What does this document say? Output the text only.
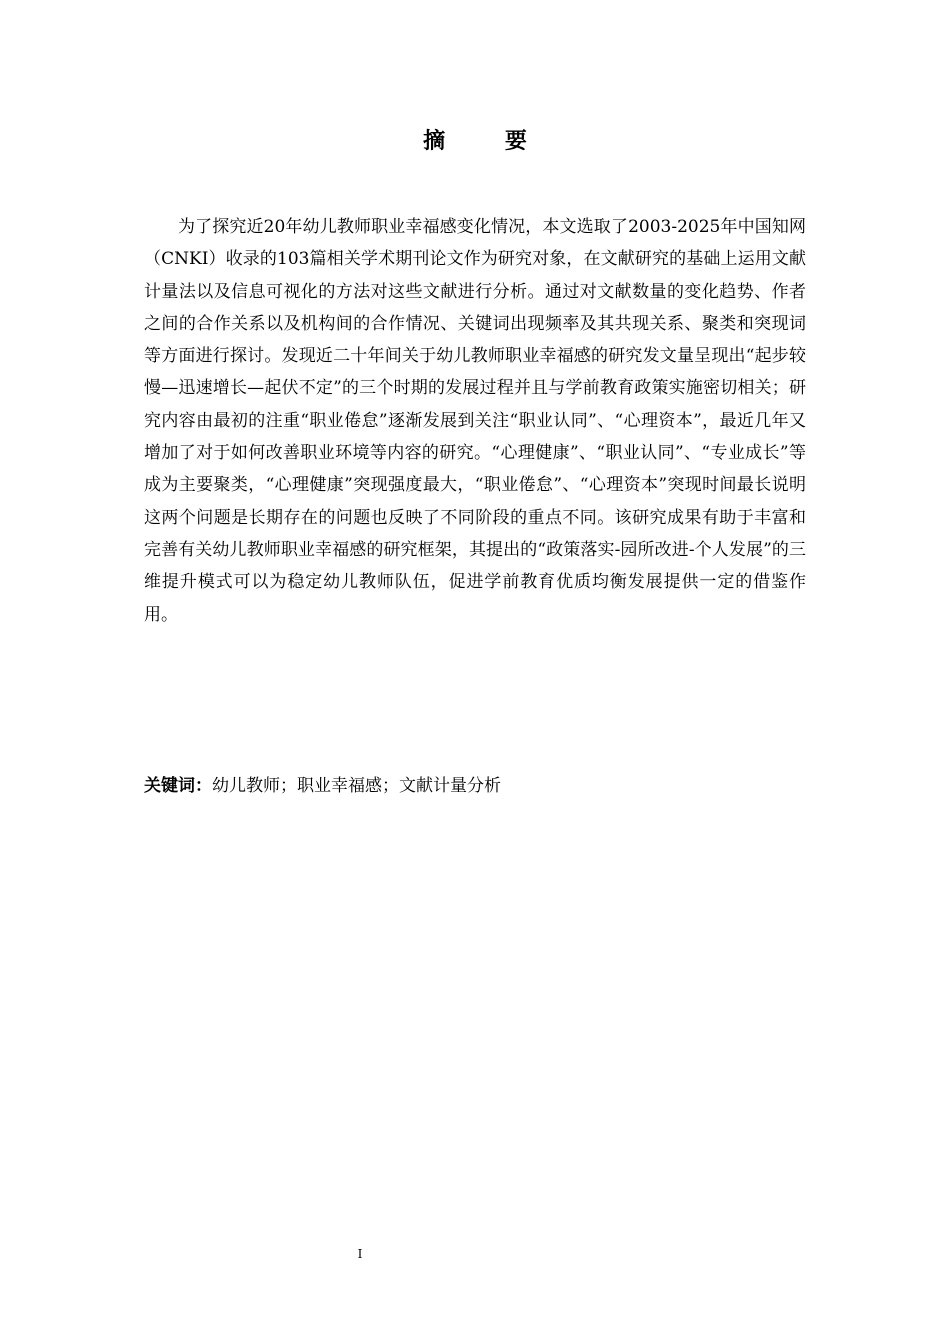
摘 要

为了探究近20年幼儿教师职业幸福感变化情况，本文选取了2003-2025年中国知网（CNKI）收录的103篇相关学术期刊论文作为研究对象，在文献研究的基础上运用文献计量法以及信息可视化的方法对这些文献进行分析。通过对文献数量的变化趋势、作者之间的合作关系以及机构间的合作情况、关键词出现频率及其共现关系、聚类和突现词等方面进行探讨。发现近二十年间关于幼儿教师职业幸福感的研究发文量呈现出“起步较慢—迅速增长—起伏不定”的三个时期的发展过程并且与学前教育政策实施密切相关；研究内容由最初的注重“职业倦怠”逐渐发展到关注“职业认同”、“心理资本”，最近几年又增加了对于如何改善职业环境等内容的研究。“心理健康”、“职业认同”、“专业成长”等成为主要聚类，“心理健康”突现强度最大，“职业倦怠”、“心理资本”突现时间最长说明这两个问题是长期存在的问题也反映了不同阶段的重点不同。该研究成果有助于丰富和完善有关幼儿教师职业幸福感的研究框架，其提出的“政策落实-园所改进-个人发展”的三维提升模式可以为稳定幼儿教师队伍，促进学前教育优质均衡发展提供一定的借鉴作用。

关键词：幼儿教师；职业幸福感；文献计量分析

I
